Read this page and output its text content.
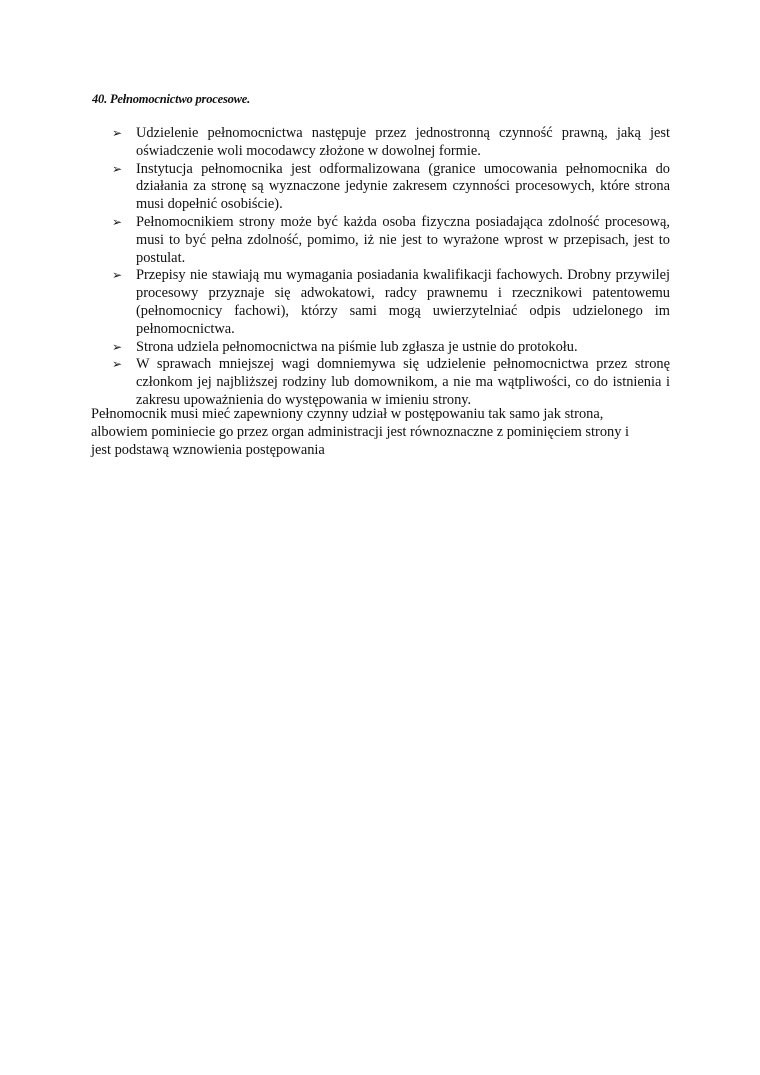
40. Pełnomocnictwo procesowe.
➢ Udzielenie pełnomocnictwa następuje przez jednostronną czynność prawną, jaką jest oświadczenie woli mocodawcy złożone w dowolnej formie.
➢ Instytucja pełnomocnika jest odformalizowana (granice umocowania pełnomocnika do działania za stronę są wyznaczone jedynie zakresem czynności procesowych, które strona musi dopełnić osobiście).
➢ Pełnomocnikiem strony może być każda osoba fizyczna posiadająca zdolność procesową, musi to być pełna zdolność, pomimo, iż nie jest to wyrażone wprost w przepisach, jest to postulat.
➢ Przepisy nie stawiają mu wymagania posiadania kwalifikacji fachowych. Drobny przywilej procesowy przyznaje się adwokatowi, radcy prawnemu i rzecznikowi patentowemu (pełnomocnicy fachowi), którzy sami mogą uwierzytelniać odpis udzielonego im pełnomocnictwa.
➢ Strona udziela pełnomocnictwa na piśmie lub zgłasza je ustnie do protokołu.
➢ W sprawach mniejszej wagi domniemywa się udzielenie pełnomocnictwa przez stronę członkom jej najbliższej rodziny lub domownikom, a nie ma wątpliwości, co do istnienia i zakresu upoważnienia do występowania w imieniu strony.
Pełnomocnik musi mieć zapewniony czynny udział w postępowaniu tak samo jak strona,
albowiem pominiecie go przez organ administracji jest równoznaczne z pominięciem strony i
jest podstawą wznowienia postępowania
